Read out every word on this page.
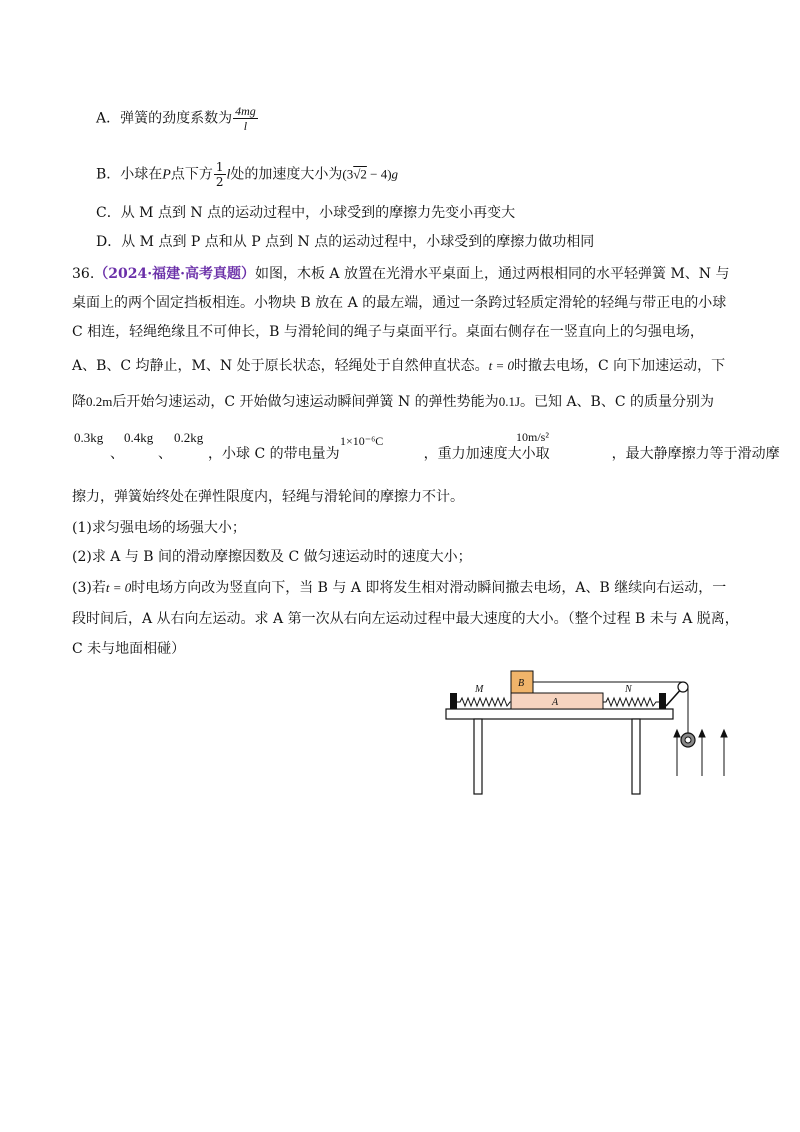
A．弹簧的劲度系数为 $\frac{4mg}{l}$
B．小球在P点下方 $\frac{1}{2}$ l处的加速度大小为(3√2 − 4)g
C．从 M 点到 N 点的运动过程中，小球受到的摩擦力先变小再变大
D．从 M 点到 P 点和从 P 点到 N 点的运动过程中，小球受到的摩擦力做功相同
36.（2024·福建·高考真题）如图，木板 A 放置在光滑水平桌面上，通过两根相同的水平轻弹簧 M、N 与
桌面上的两个固定挡板相连。小物块 B 放在 A 的最左端，通过一条跨过轻质定滑轮的轻绳与带正电的小球
C 相连，轻绳绝缘且不可伸长，B 与滑轮间的绳子与桌面平行。桌面右侧存在一竖直向上的匀强电场，
A、B、C 均静止，M、N 处于原长状态，轻绳处于自然伸直状态。t = 0时撤去电场，C 向下加速运动，下
降0.2m后开始匀速运动，C 开始做匀速运动瞬间弹簧 N 的弹性势能为0.1J。已知 A、B、C 的质量分别为
0.3kg 0.4kg 0.2kg	1×10⁻⁶C	10m/s²
、 、	，小球 C 的带电量为	，重力加速度大小取	，最大静摩擦力等于滑动摩
擦力，弹簧始终处在弹性限度内，轻绳与滑轮间的摩擦力不计。
(1)求匀强电场的场强大小；
(2)求 A 与 B 间的滑动摩擦因数及 C 做匀速运动时的速度大小；
(3)若t = 0时电场方向改为竖直向下，当 B 与 A 即将发生相对滑动瞬间撤去电场，A、B 继续向右运动，一
段时间后，A 从右向左运动。求 A 第一次从右向左运动过程中最大速度的大小。（整个过程 B 未与 A 脱离，
C 未与地面相碰）
M	N
A
B
